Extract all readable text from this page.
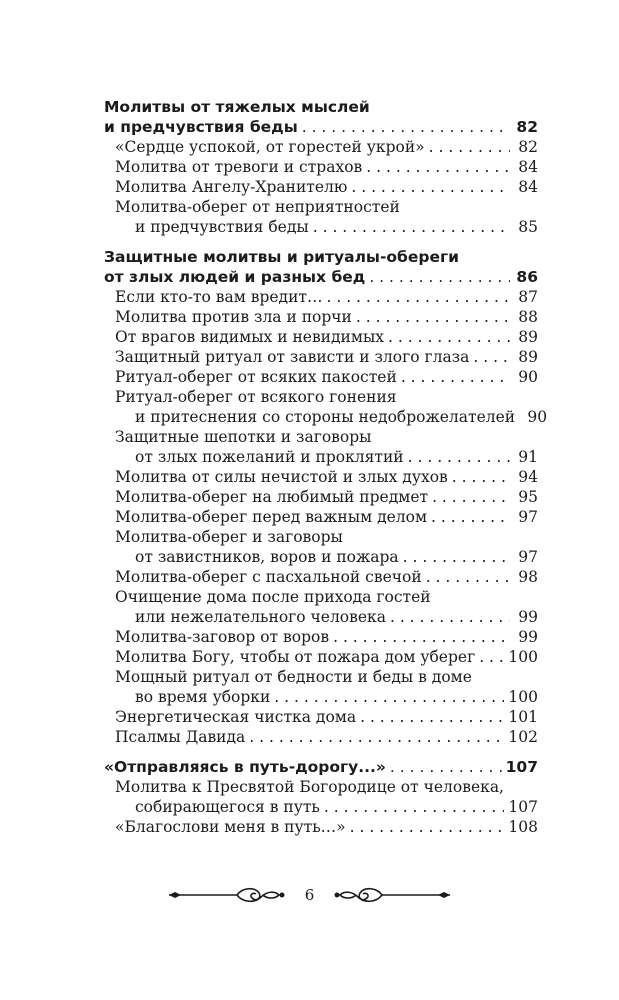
Молитвы от тяжелых мыслей
и предчувствия беды . . .	82
«Сердце успокой, от горестей укрой» . . .	82
Молитва от тревоги и страхов . . .	84
Молитва Ангелу-Хранителю . . .	84
Молитва-оберег от неприятностей
и предчувствия беды . . .	85
Защитные молитвы и ритуалы-обереги
от злых людей и разных бед . . .	86
Если кто-то вам вредит… . . .	87
Молитва против зла и порчи . . .	88
От врагов видимых и невидимых . . .	89
Защитный ритуал от зависти и злого глаза . . .	89
Ритуал-оберег от всяких пакостей . . .	90
Ритуал-оберег от всякого гонения
и притеснения со стороны недоброжелателей 90
Защитные шепотки и заговоры
от злых пожеланий и проклятий . . .	91
Молитва от силы нечистой и злых духов . . .	94
Молитва-оберег на любимый предмет . . .	95
Молитва-оберег перед важным делом . . .	97
Молитва-оберег и заговоры
от завистников, воров и пожара . . .	97
Молитва-оберег с пасхальной свечой . . .	98
Очищение дома после прихода гостей
или нежелательного человека . . .	99
Молитва-заговор от воров . . .	99
Молитва Богу, чтобы от пожара дом уберег . . . 100
Мощный ритуал от бедности и беды в доме
во время уборки . . .	100
Энергетическая чистка дома . . .	101
Псалмы Давида . . .	102
«Отправляясь в путь-дорогу...» . . .	107
Молитва к Пресвятой Богородице от человека,
собирающегося в путь . . .	107
«Благослови меня в путь…» . . .	108
6
